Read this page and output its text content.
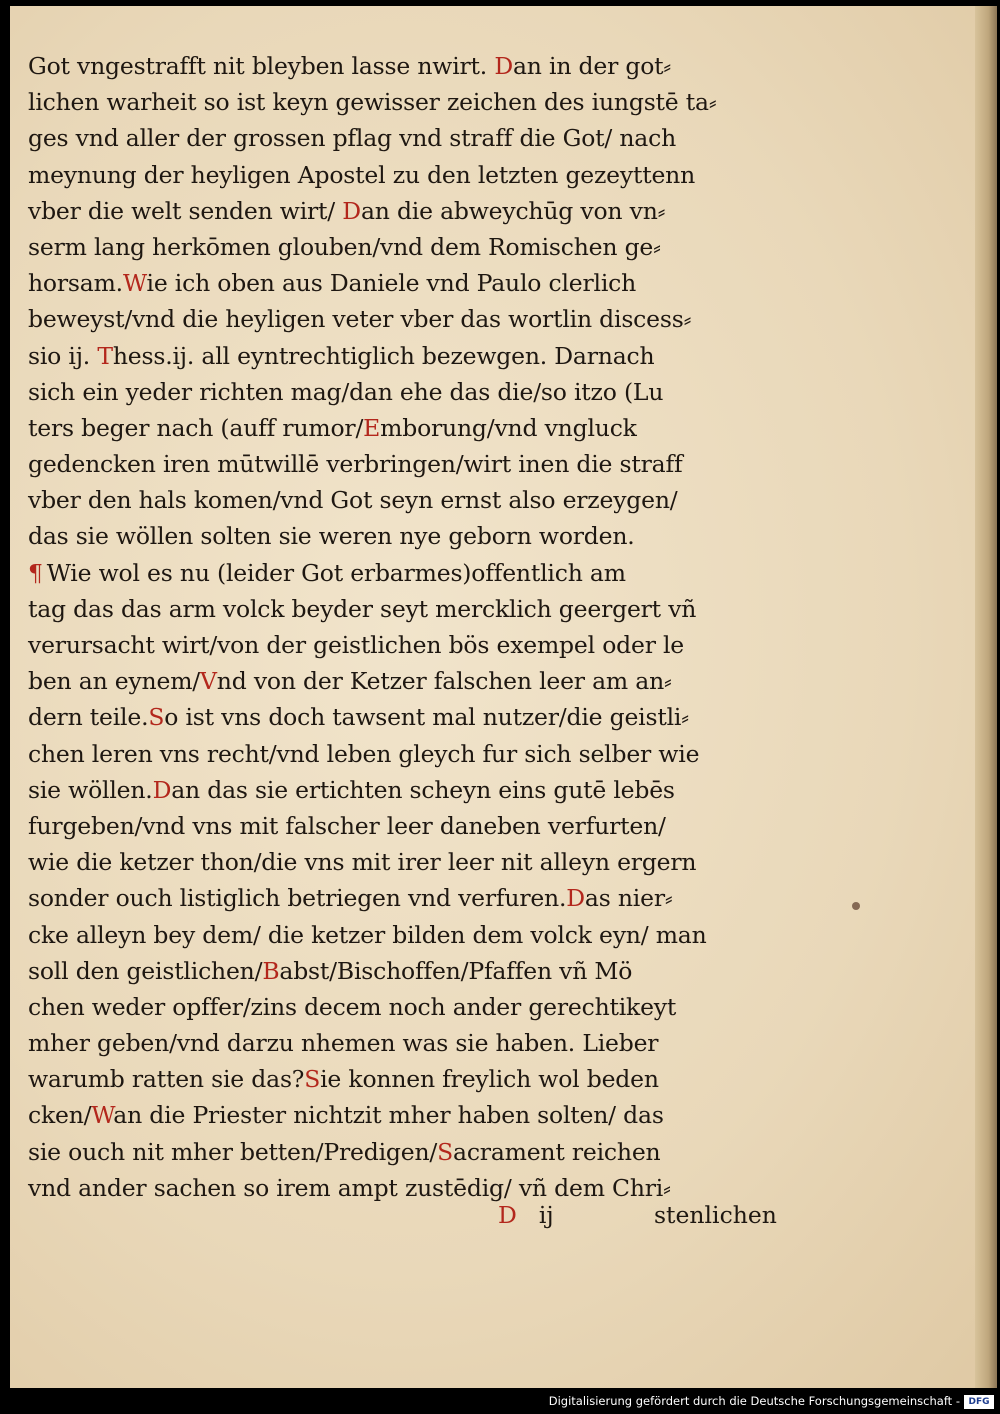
Got vngestrafft nit bleyben lasse nwirt. Dan in der got⸗
lichen warheit so ist keyn gewisser zeichen des iungstē ta⸗
ges vnd aller der grossen pflag vnd straff die Got/ nach
meynung der heyligen Apostel zu den letzten gezeyttenn
vber die welt senden wirt/ Dan die abweychūg von vn⸗
serm lang herkōmen glouben/vnd dem Romischen ge⸗
horsam.Wie ich oben aus Daniele vnd Paulo clerlich
beweyst/vnd die heyligen veter vber das wortlin discess⸗
sio ij. Thess.ij. all eyntrechtiglich bezewgen. Darnach
sich ein yeder richten mag/dan ehe das die/so itzo (Lu
ters beger nach (auff rumor/Emborung/vnd vngluck
gedencken iren mūtwillē verbringen/wirt inen die straff
vber den hals komen/vnd Got seyn ernst also erzeygen/
das sie wöllen solten sie weren nye geborn worden.
¶ Wie wol es nu (leider Got erbarmes)offentlich am
tag das das arm volck beyder seyt mercklich geergert vñ
verursacht wirt/von der geistlichen bös exempel oder le
ben an eynem/Vnd von der Ketzer falschen leer am an⸗
dern teile.So ist vns doch tawsent mal nutzer/die geistli⸗
chen leren vns recht/vnd leben gleych fur sich selber wie
sie wöllen.Dan das sie ertichten scheyn eins gutē lebēs
furgeben/vnd vns mit falscher leer daneben verfurten/
wie die ketzer thon/die vns mit irer leer nit alleyn ergern
sonder ouch listiglich betriegen vnd verfuren.Das nier⸗
cke alleyn bey dem/ die ketzer bilden dem volck eyn/ man
soll den geistlichen/Babst/Bischoffen/Pfaffen vñ Mö
chen weder opffer/zins decem noch ander gerechtikeyt
mher geben/vnd darzu nhemen was sie haben. Lieber
warumb ratten sie das?Sie konnen freylich wol beden
cken/Wan die Priester nichtzit mher haben solten/ das
sie ouch nit mher betten/Predigen/Sacrament reichen
vnd ander sachen so irem ampt zustēdig/ vñ dem Chri⸗
D ij	stenlichen
Digitalisierung gefördert durch die Deutsche Forschungsgemeinschaft - DFG
